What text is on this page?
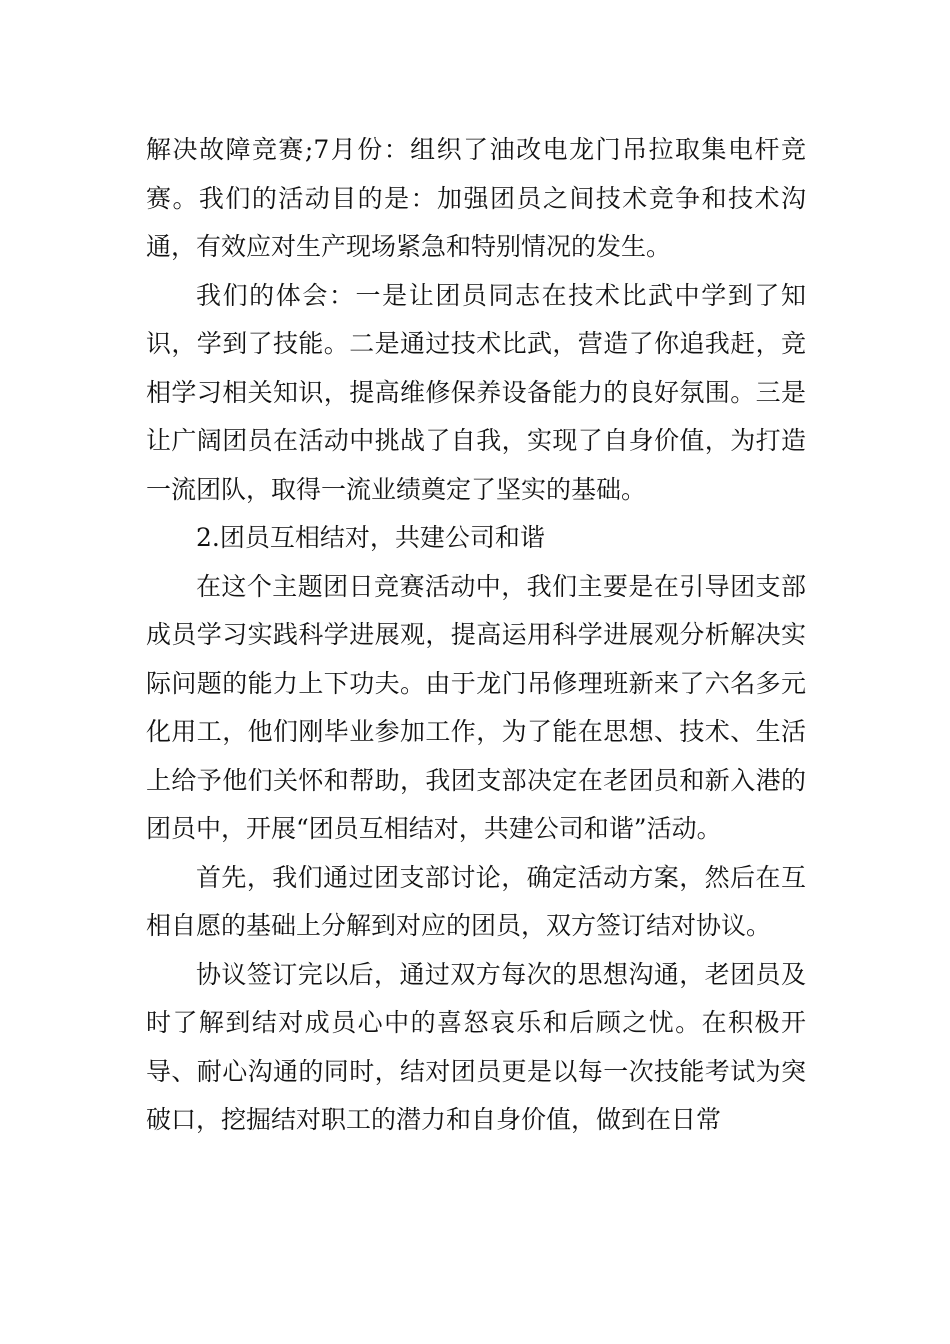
解决故障竞赛;7月份：组织了油改电龙门吊拉取集电杆竞赛。我们的活动目的是：加强团员之间技术竞争和技术沟通，有效应对生产现场紧急和特别情况的发生。

我们的体会：一是让团员同志在技术比武中学到了知识，学到了技能。二是通过技术比武，营造了你追我赶，竞相学习相关知识，提高维修保养设备能力的良好氛围。三是让广阔团员在活动中挑战了自我，实现了自身价值，为打造一流团队，取得一流业绩奠定了坚实的基础。

2.团员互相结对，共建公司和谐

在这个主题团日竞赛活动中，我们主要是在引导团支部成员学习实践科学进展观，提高运用科学进展观分析解决实际问题的能力上下功夫。由于龙门吊修理班新来了六名多元化用工，他们刚毕业参加工作，为了能在思想、技术、生活上给予他们关怀和帮助，我团支部决定在老团员和新入港的团员中，开展“团员互相结对，共建公司和谐”活动。

首先，我们通过团支部讨论，确定活动方案，然后在互相自愿的基础上分解到对应的团员，双方签订结对协议。

协议签订完以后，通过双方每次的思想沟通，老团员及时了解到结对成员心中的喜怒哀乐和后顾之忧。在积极开导、耐心沟通的同时，结对团员更是以每一次技能考试为突破口，挖掘结对职工的潜力和自身价值，做到在日常
